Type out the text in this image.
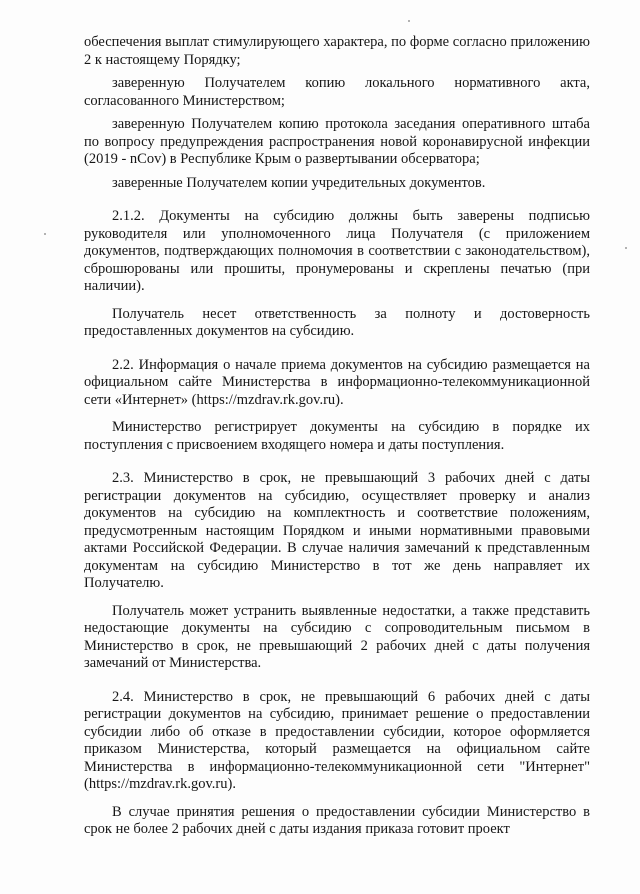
обеспечения выплат стимулирующего характера, по форме согласно приложению 2 к настоящему Порядку;

заверенную Получателем копию локального нормативного акта, согласованного Министерством;

заверенную Получателем копию протокола заседания оперативного штаба по вопросу предупреждения распространения новой коронавирусной инфекции (2019 - nCov) в Республике Крым о развертывании обсерватора;

заверенные Получателем копии учредительных документов.

2.1.2. Документы на субсидию должны быть заверены подписью руководителя или уполномоченного лица Получателя (с приложением документов, подтверждающих полномочия в соответствии с законодательством), сброшюрованы или прошиты, пронумерованы и скреплены печатью (при наличии).

Получатель несет ответственность за полноту и достоверность предоставленных документов на субсидию.

2.2. Информация о начале приема документов на субсидию размещается на официальном сайте Министерства в информационно-телекоммуникационной сети «Интернет» (https://mzdrav.rk.gov.ru).

Министерство регистрирует документы на субсидию в порядке их поступления с присвоением входящего номера и даты поступления.

2.3. Министерство в срок, не превышающий 3 рабочих дней с даты регистрации документов на субсидию, осуществляет проверку и анализ документов на субсидию на комплектность и соответствие положениям, предусмотренным настоящим Порядком и иными нормативными правовыми актами Российской Федерации. В случае наличия замечаний к представленным документам на субсидию Министерство в тот же день направляет их Получателю.

Получатель может устранить выявленные недостатки, а также представить недостающие документы на субсидию с сопроводительным письмом в Министерство в срок, не превышающий 2 рабочих дней с даты получения замечаний от Министерства.

2.4. Министерство в срок, не превышающий 6 рабочих дней с даты регистрации документов на субсидию, принимает решение о предоставлении субсидии либо об отказе в предоставлении субсидии, которое оформляется приказом Министерства, который размещается на официальном сайте Министерства в информационно-телекоммуникационной сети "Интернет" (https://mzdrav.rk.gov.ru).

В случае принятия решения о предоставлении субсидии Министерство в срок не более 2 рабочих дней с даты издания приказа готовит проект
